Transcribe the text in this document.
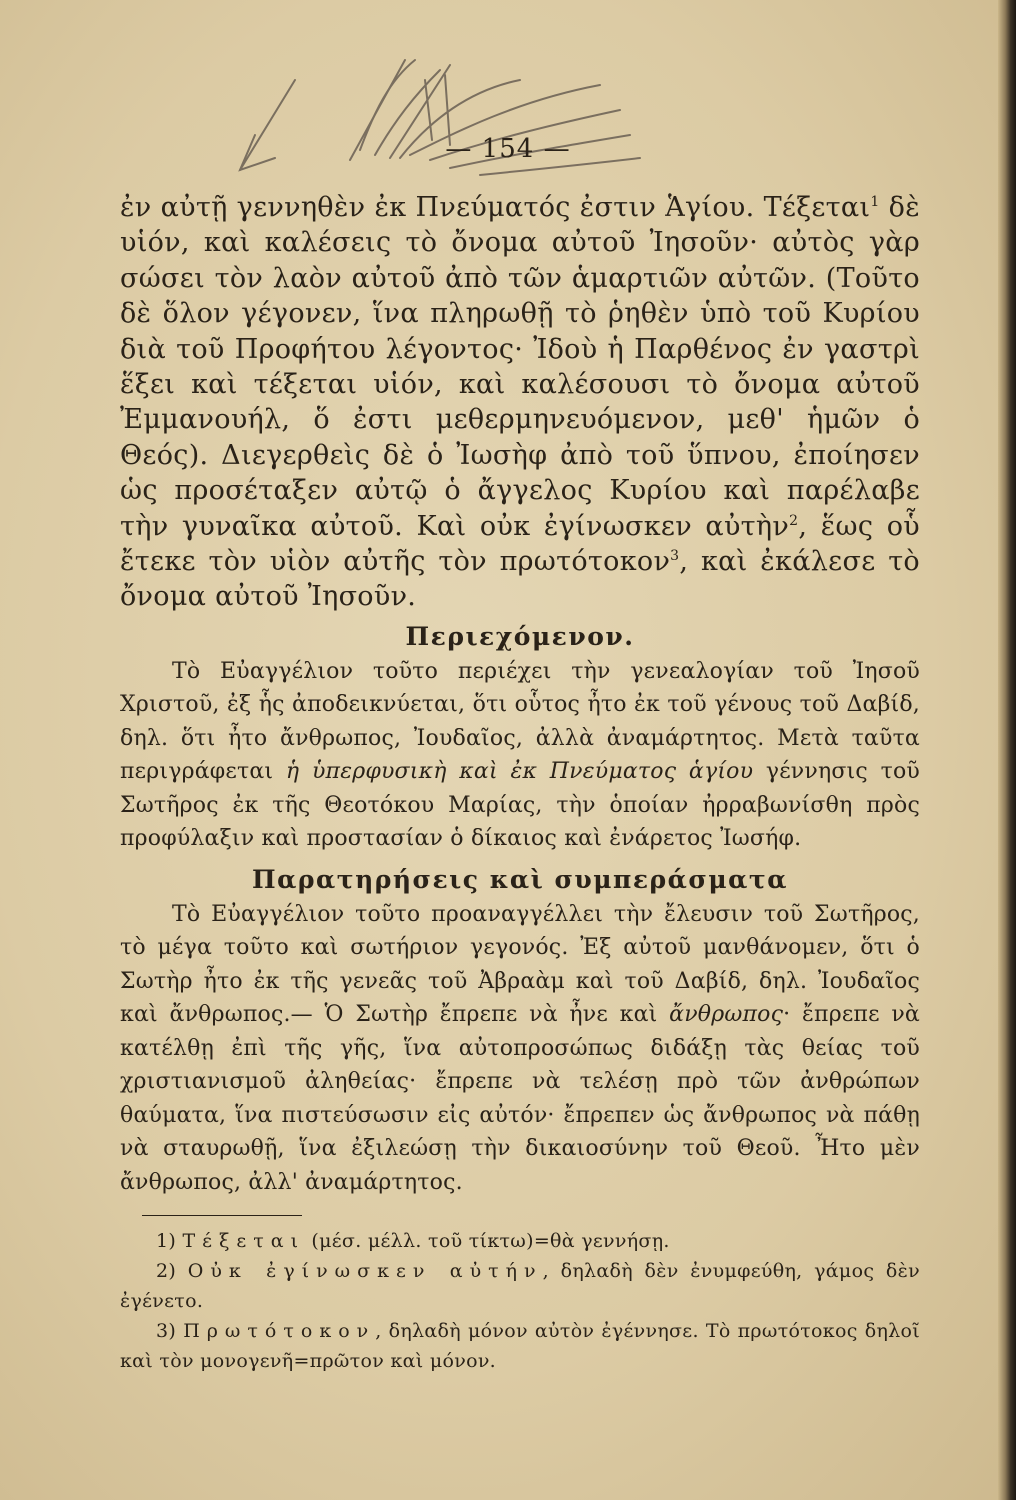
— 154 —

ἐν αὐτῇ γεννηθὲν ἐκ Πνεύματός ἐστιν Ἁγίου. Τέξεται$^1$ δὲ υἱόν, καὶ καλέσεις τὸ ὄνομα αὐτοῦ Ἰησοῦν· αὐτὸς γὰρ σώσει τὸν λαὸν αὐτοῦ ἀπὸ τῶν ἁμαρτιῶν αὐτῶν. (Τοῦτο δὲ ὅλον γέγονεν, ἵνα πληρωθῇ τὸ ῥηθὲν ὑπὸ τοῦ Κυρίου διὰ τοῦ Προφήτου λέγοντος· Ἰδοὺ ἡ Παρθένος ἐν γαστρὶ ἕξει καὶ τέξεται υἱόν, καὶ καλέσουσι τὸ ὄνομα αὐτοῦ Ἐμμανουήλ, ὅ ἐστι μεθερμηνευόμενον, μεθ' ἡμῶν ὁ Θεός). Διεγερθεὶς δὲ ὁ Ἰωσὴφ ἀπὸ τοῦ ὕπνου, ἐποίησεν ὡς προσέταξεν αὐτῷ ὁ ἄγγελος Κυρίου καὶ παρέλαβε τὴν γυναῖκα αὐτοῦ. Καὶ οὐκ ἐγίνωσκεν αὐτὴν$^2$, ἕως οὗ ἔτεκε τὸν υἱὸν αὐτῆς τὸν πρωτότοκον$^3$, καὶ ἐκάλεσε τὸ ὄνομα αὐτοῦ Ἰησοῦν.

Περιεχόμενον.

Τὸ Εὐαγγέλιον τοῦτο περιέχει τὴν γενεαλογίαν τοῦ Ἰησοῦ Χριστοῦ, ἐξ ἧς ἀποδεικνύεται, ὅτι οὗτος ἦτο ἐκ τοῦ γένους τοῦ Δαβίδ, δηλ. ὅτι ἦτο ἄνθρωπος, Ἰουδαῖος, ἀλλὰ ἀναμάρτητος. Μετὰ ταῦτα περιγράφεται ἡ ὑπερφυσικὴ καὶ ἐκ Πνεύματος ἁγίου γέννησις τοῦ Σωτῆρος ἐκ τῆς Θεοτόκου Μαρίας, τὴν ὁποίαν ἠρραβωνίσθη πρὸς προφύλαξιν καὶ προστασίαν ὁ δίκαιος καὶ ἐνάρετος Ἰωσήφ.

Παρατηρήσεις καὶ συμπεράσματα

Τὸ Εὐαγγέλιον τοῦτο προαναγγέλλει τὴν ἔλευσιν τοῦ Σωτῆρος, τὸ μέγα τοῦτο καὶ σωτήριον γεγονός. Ἐξ αὐτοῦ μανθάνομεν, ὅτι ὁ Σωτὴρ ἦτο ἐκ τῆς γενεᾶς τοῦ Ἀβραὰμ καὶ τοῦ Δαβίδ, δηλ. Ἰουδαῖος καὶ ἄνθρωπος.— Ὁ Σωτὴρ ἔπρεπε νὰ ἦνε καὶ ἄνθρωπος· ἔπρεπε νὰ κατέλθῃ ἐπὶ τῆς γῆς, ἵνα αὐτοπροσώπως διδάξῃ τὰς θείας τοῦ χριστιανισμοῦ ἀληθείας· ἔπρεπε νὰ τελέσῃ πρὸ τῶν ἀνθρώπων θαύματα, ἵνα πιστεύσωσιν εἰς αὐτόν· ἔπρεπεν ὡς ἄνθρωπος νὰ πάθῃ νὰ σταυρωθῇ, ἵνα ἐξιλεώσῃ τὴν δικαιοσύνην τοῦ Θεοῦ. Ἦτο μὲν ἄνθρωπος, ἀλλ' ἀναμάρτητος.

1) Τέξεται (μέσ. μέλλ. τοῦ τίκτω)=θὰ γεννήσῃ.

2) Οὐκ ἐγίνωσκεν αὐτήν, δηλαδὴ δὲν ἐνυμφεύθη, γάμος δὲν ἐγένετο.

3) Πρωτότοκον, δηλαδὴ μόνον αὐτὸν ἐγέννησε. Τὸ πρωτότοκος δηλοῖ καὶ τὸν μονογενῆ=πρῶτον καὶ μόνον.
